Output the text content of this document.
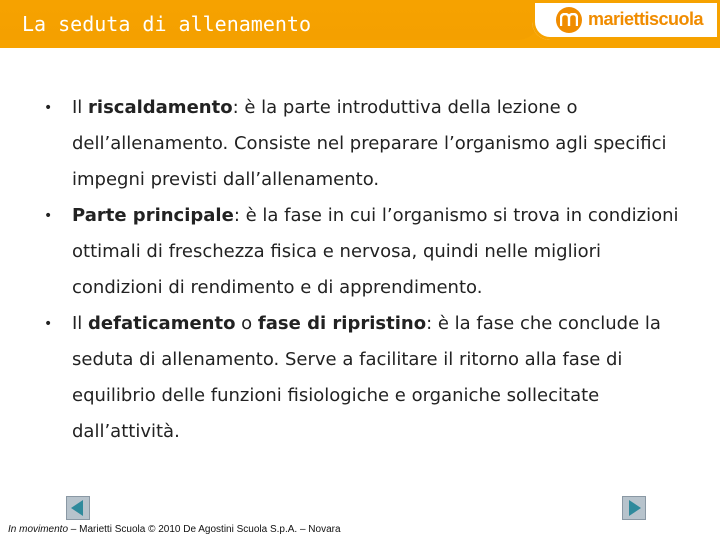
La seduta di allenamento	mariettiscuola
• Il riscaldamento: è la parte introduttiva della lezione o dell’allenamento. Consiste nel preparare l’organismo agli specifici impegni previsti dall’allenamento.
• Parte principale: è la fase in cui l’organismo si trova in condizioni ottimali di freschezza fisica e nervosa, quindi nelle migliori condizioni di rendimento e di apprendimento.
• Il defaticamento o fase di ripristino: è la fase che conclude la seduta di allenamento. Serve a facilitare il ritorno alla fase di equilibrio delle funzioni fisiologiche e organiche sollecitate dall’attività.
In movimento – Marietti Scuola © 2010 De Agostini Scuola S.p.A. – Novara
